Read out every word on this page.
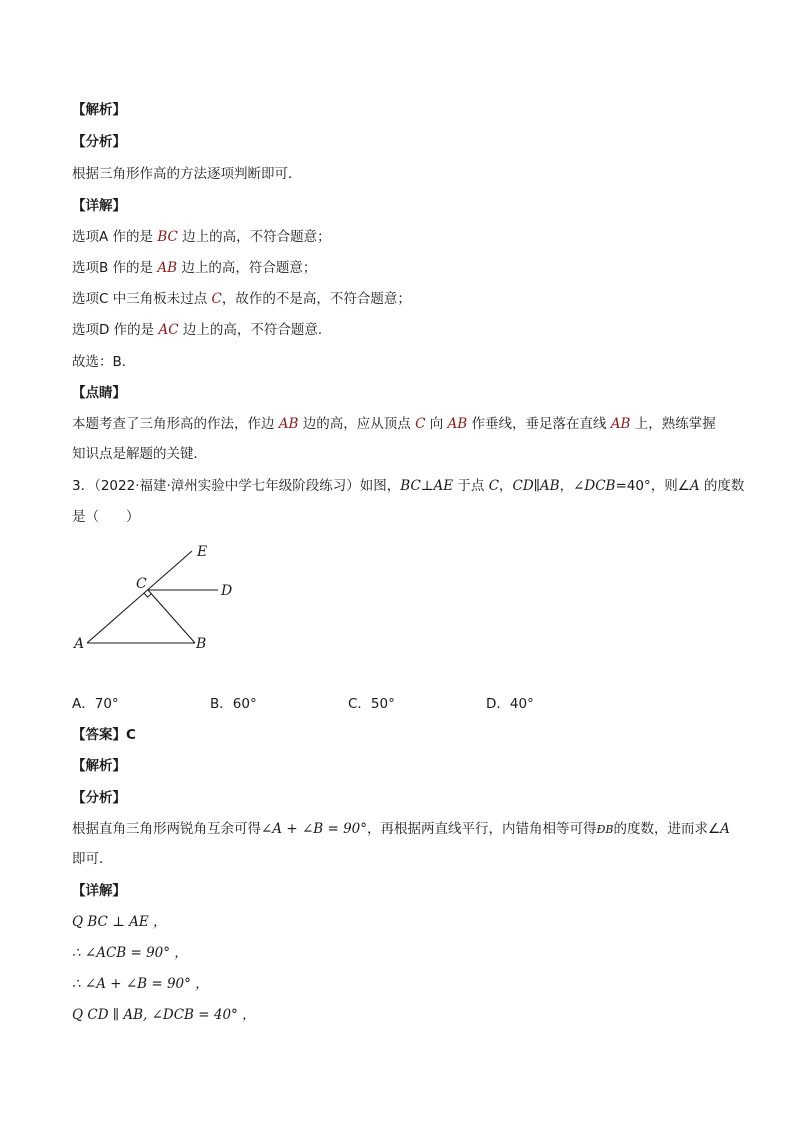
【解析】
【分析】
根据三角形作高的方法逐项判断即可．
【详解】
选项A 作的是 BC 边上的高，不符合题意；
选项B 作的是 AB 边上的高，符合题意；
选项C 中三角板未过点 C，故作的不是高，不符合题意；
选项D 作的是 AC 边上的高，不符合题意．
故选：B．
【点睛】
本题考查了三角形高的作法，作边 AB 边的高，应从顶点 C 向 AB 作垂线，垂足落在直线 AB 上，熟练掌握
知识点是解题的关键．
3．（2022·福建·漳州实验中学七年级阶段练习）如图，BC⊥AE 于点 C，CD∥AB，∠DCB=40°，则∠A 的度数
是（　　）
E
C	D
A	B
A．70°	B．60°	C．50°	D．40°
【答案】C
【解析】
【分析】
根据直角三角形两锐角互余可得∠A + ∠B = 90°，再根据两直线平行，内错角相等可得ÐB的度数，进而求∠A
即可．
【详解】
Q BC ⊥ AE ，
∴ ∠ACB = 90° ，
∴ ∠A + ∠B = 90° ，
Q CD ∥ AB, ∠DCB = 40° ，
